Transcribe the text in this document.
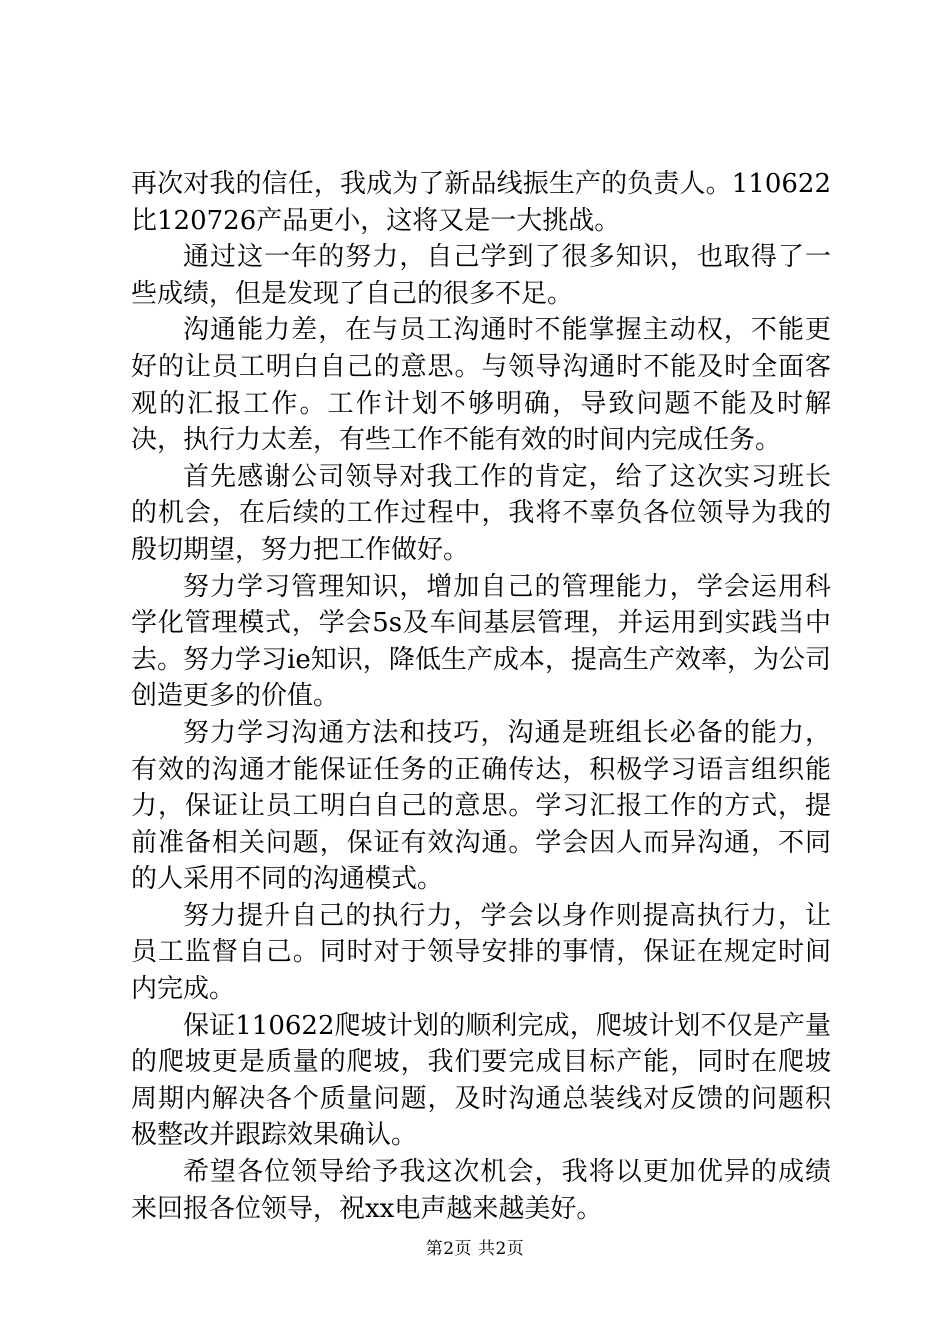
再次对我的信任，我成为了新品线振生产的负责人。110622比120726产品更小，这将又是一大挑战。

通过这一年的努力，自己学到了很多知识，也取得了一些成绩，但是发现了自己的很多不足。

沟通能力差，在与员工沟通时不能掌握主动权，不能更好的让员工明白自己的意思。与领导沟通时不能及时全面客观的汇报工作。工作计划不够明确，导致问题不能及时解决，执行力太差，有些工作不能有效的时间内完成任务。

首先感谢公司领导对我工作的肯定，给了这次实习班长的机会，在后续的工作过程中，我将不辜负各位领导为我的殷切期望，努力把工作做好。

努力学习管理知识，增加自己的管理能力，学会运用科学化管理模式，学会5s及车间基层管理，并运用到实践当中去。努力学习ie知识，降低生产成本，提高生产效率，为公司创造更多的价值。

努力学习沟通方法和技巧，沟通是班组长必备的能力，有效的沟通才能保证任务的正确传达，积极学习语言组织能力，保证让员工明白自己的意思。学习汇报工作的方式，提前准备相关问题，保证有效沟通。学会因人而异沟通，不同的人采用不同的沟通模式。

努力提升自己的执行力，学会以身作则提高执行力，让员工监督自己。同时对于领导安排的事情，保证在规定时间内完成。

保证110622爬坡计划的顺利完成，爬坡计划不仅是产量的爬坡更是质量的爬坡，我们要完成目标产能，同时在爬坡周期内解决各个质量问题，及时沟通总装线对反馈的问题积极整改并跟踪效果确认。

希望各位领导给予我这次机会，我将以更加优异的成绩来回报各位领导，祝xx电声越来越美好。

第2页 共2页
